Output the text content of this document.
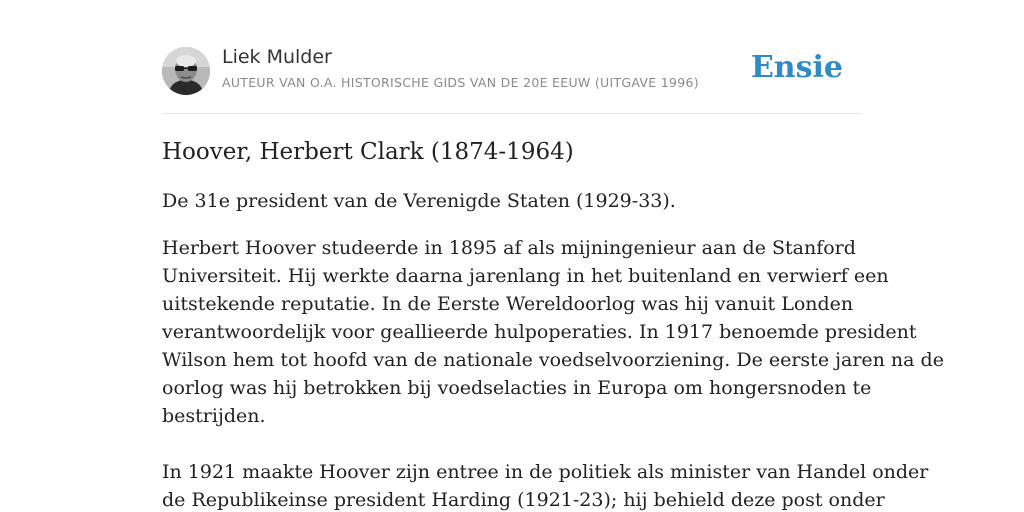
Liek Mulder
AUTEUR VAN O.A. HISTORISCHE GIDS VAN DE 20E EEUW (UITGAVE 1996) Ensie
Hoover, Herbert Clark (1874-1964)

De 31e president van de Verenigde Staten (1929-33).

Herbert Hoover studeerde in 1895 af als mijningenieur aan de Stanford
Universiteit. Hij werkte daarna jarenlang in het buitenland en verwierf een
uitstekende reputatie. In de Eerste Wereldoorlog was hij vanuit Londen
verantwoordelijk voor geallieerde hulpoperaties. In 1917 benoemde president
Wilson hem tot hoofd van de nationale voedselvoorziening. De eerste jaren na de
oorlog was hij betrokken bij voedselacties in Europa om hongersnoden te
bestrijden.
In 1921 maakte Hoover zijn entree in de politiek als minister van Handel onder
de Republikeinse president Harding (1921-23); hij behield deze post onder
